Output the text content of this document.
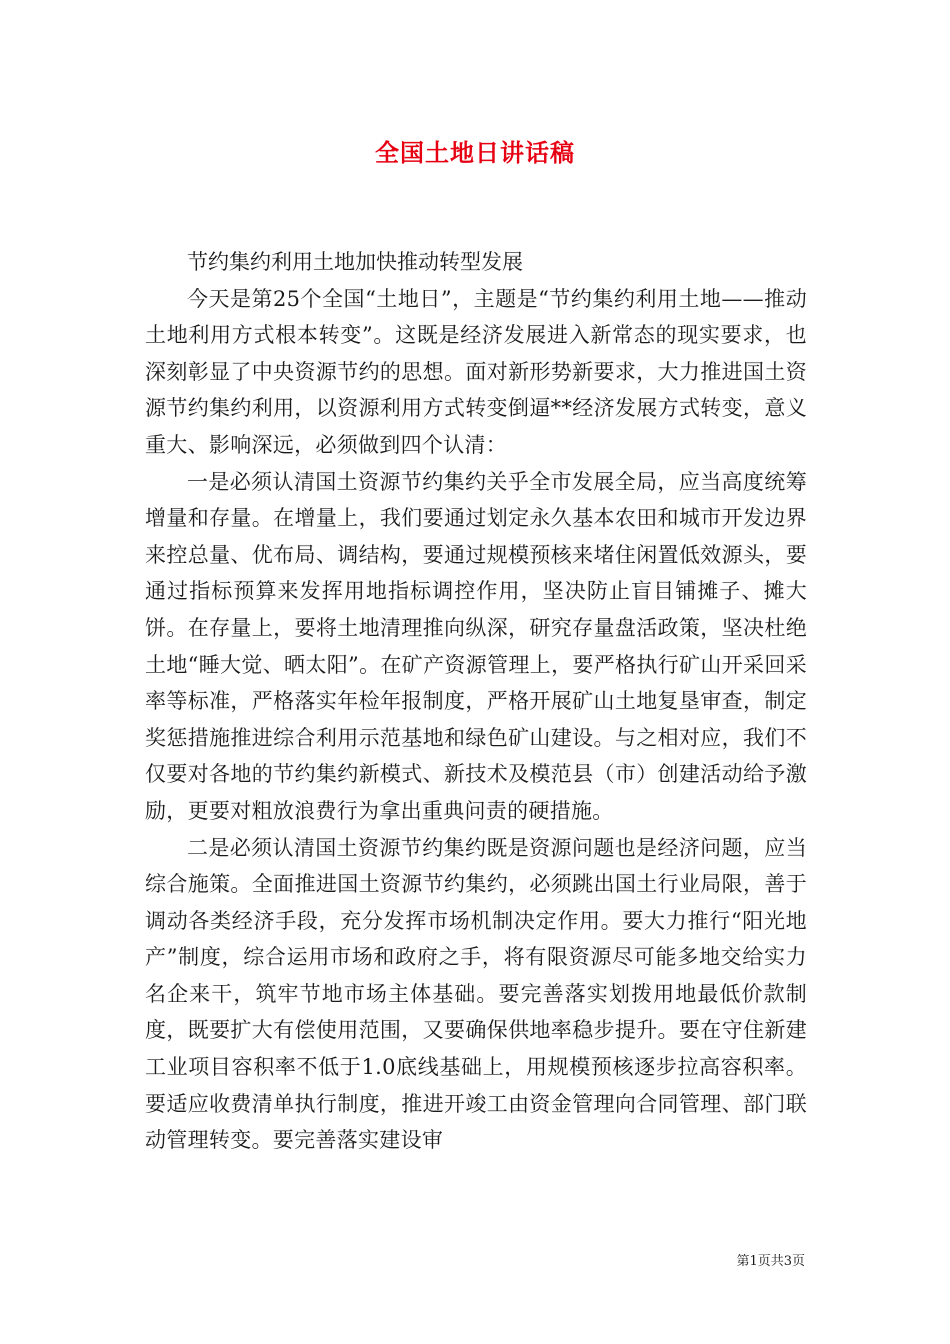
全国土地日讲话稿

节约集约利用土地加快推动转型发展

今天是第25个全国“土地日”，主题是“节约集约利用土地——推动土地利用方式根本转变”。这既是经济发展进入新常态的现实要求，也深刻彰显了中央资源节约的思想。面对新形势新要求，大力推进国土资源节约集约利用，以资源利用方式转变倒逼**经济发展方式转变，意义重大、影响深远，必须做到四个认清：

一是必须认清国土资源节约集约关乎全市发展全局，应当高度统筹增量和存量。在增量上，我们要通过划定永久基本农田和城市开发边界来控总量、优布局、调结构，要通过规模预核来堵住闲置低效源头，要通过指标预算来发挥用地指标调控作用，坚决防止盲目铺摊子、摊大饼。在存量上，要将土地清理推向纵深，研究存量盘活政策，坚决杜绝土地“睡大觉、晒太阳”。在矿产资源管理上，要严格执行矿山开采回采率等标准，严格落实年检年报制度，严格开展矿山土地复垦审查，制定奖惩措施推进综合利用示范基地和绿色矿山建设。与之相对应，我们不仅要对各地的节约集约新模式、新技术及模范县（市）创建活动给予激励，更要对粗放浪费行为拿出重典问责的硬措施。

二是必须认清国土资源节约集约既是资源问题也是经济问题，应当综合施策。全面推进国土资源节约集约，必须跳出国土行业局限，善于调动各类经济手段，充分发挥市场机制决定作用。要大力推行“阳光地产”制度，综合运用市场和政府之手，将有限资源尽可能多地交给实力名企来干，筑牢节地市场主体基础。要完善落实划拨用地最低价款制度，既要扩大有偿使用范围，又要确保供地率稳步提升。要在守住新建工业项目容积率不低于1.0底线基础上，用规模预核逐步拉高容积率。要适应收费清单执行制度，推进开竣工由资金管理向合同管理、部门联动管理转变。要完善落实建设审

第1页共3页
